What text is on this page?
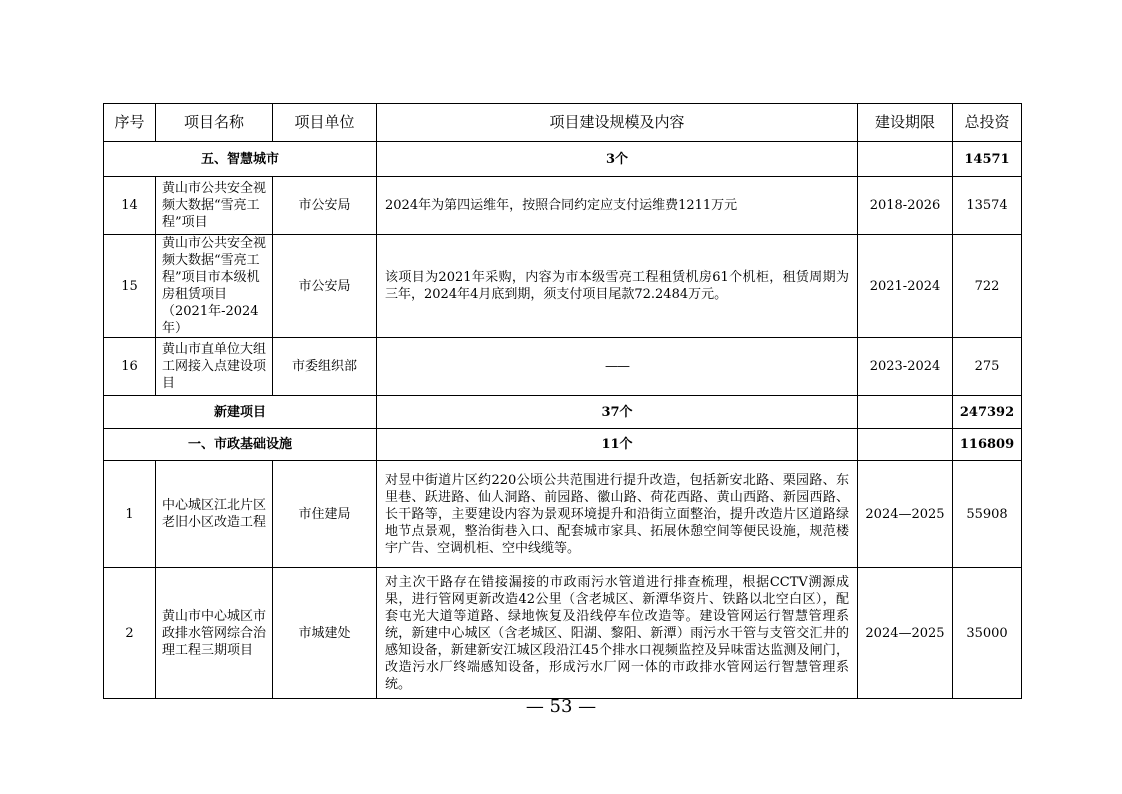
序号	项目名称	项目单位	项目建设规模及内容	建设期限	总投资
五、智慧城市			3个		14571
14	黄山市公共安全视频大数据“雪亮工程”项目	市公安局	2024年为第四运维年，按照合同约定应支付运维费1211万元	2018-2026	13574
15	黄山市公共安全视频大数据“雪亮工程”项目市本级机房租赁项目（2021年-2024年）	市公安局	该项目为2021年采购，内容为市本级雪亮工程租赁机房61个机柜，租赁周期为三年，2024年4月底到期，须支付项目尾款72.2484万元。	2021-2024	722
16	黄山市直单位大组工网接入点建设项目	市委组织部	——	2023-2024	275
新建项目			37个		247392
一、市政基础设施			11个		116809
1	中心城区江北片区老旧小区改造工程	市住建局	对昱中街道片区约220公顷公共范围进行提升改造，包括新安北路、栗园路、东里巷、跃进路、仙人洞路、前园路、徽山路、荷花西路、黄山西路、新园西路、长干路等，主要建设内容为景观环境提升和沿街立面整治，提升改造片区道路绿地节点景观，整治街巷入口、配套城市家具、拓展休憩空间等便民设施，规范楼宇广告、空调机柜、空中线缆等。	2024—2025	55908
2	黄山市中心城区市政排水管网综合治理工程三期项目	市城建处	对主次干路存在错接漏接的市政雨污水管道进行排查梳理，根据CCTV溯源成果，进行管网更新改造42公里（含老城区、新潭华资片、铁路以北空白区），配套屯光大道等道路、绿地恢复及沿线停车位改造等。建设管网运行智慧管理系统，新建中心城区（含老城区、阳湖、黎阳、新潭）雨污水干管与支管交汇井的感知设备，新建新安江城区段沿江45个排水口视频监控及异味雷达监测及闸门，改造污水厂终端感知设备，形成污水厂网一体的市政排水管网运行智慧管理系统。	2024—2025	35000
— 53 —
